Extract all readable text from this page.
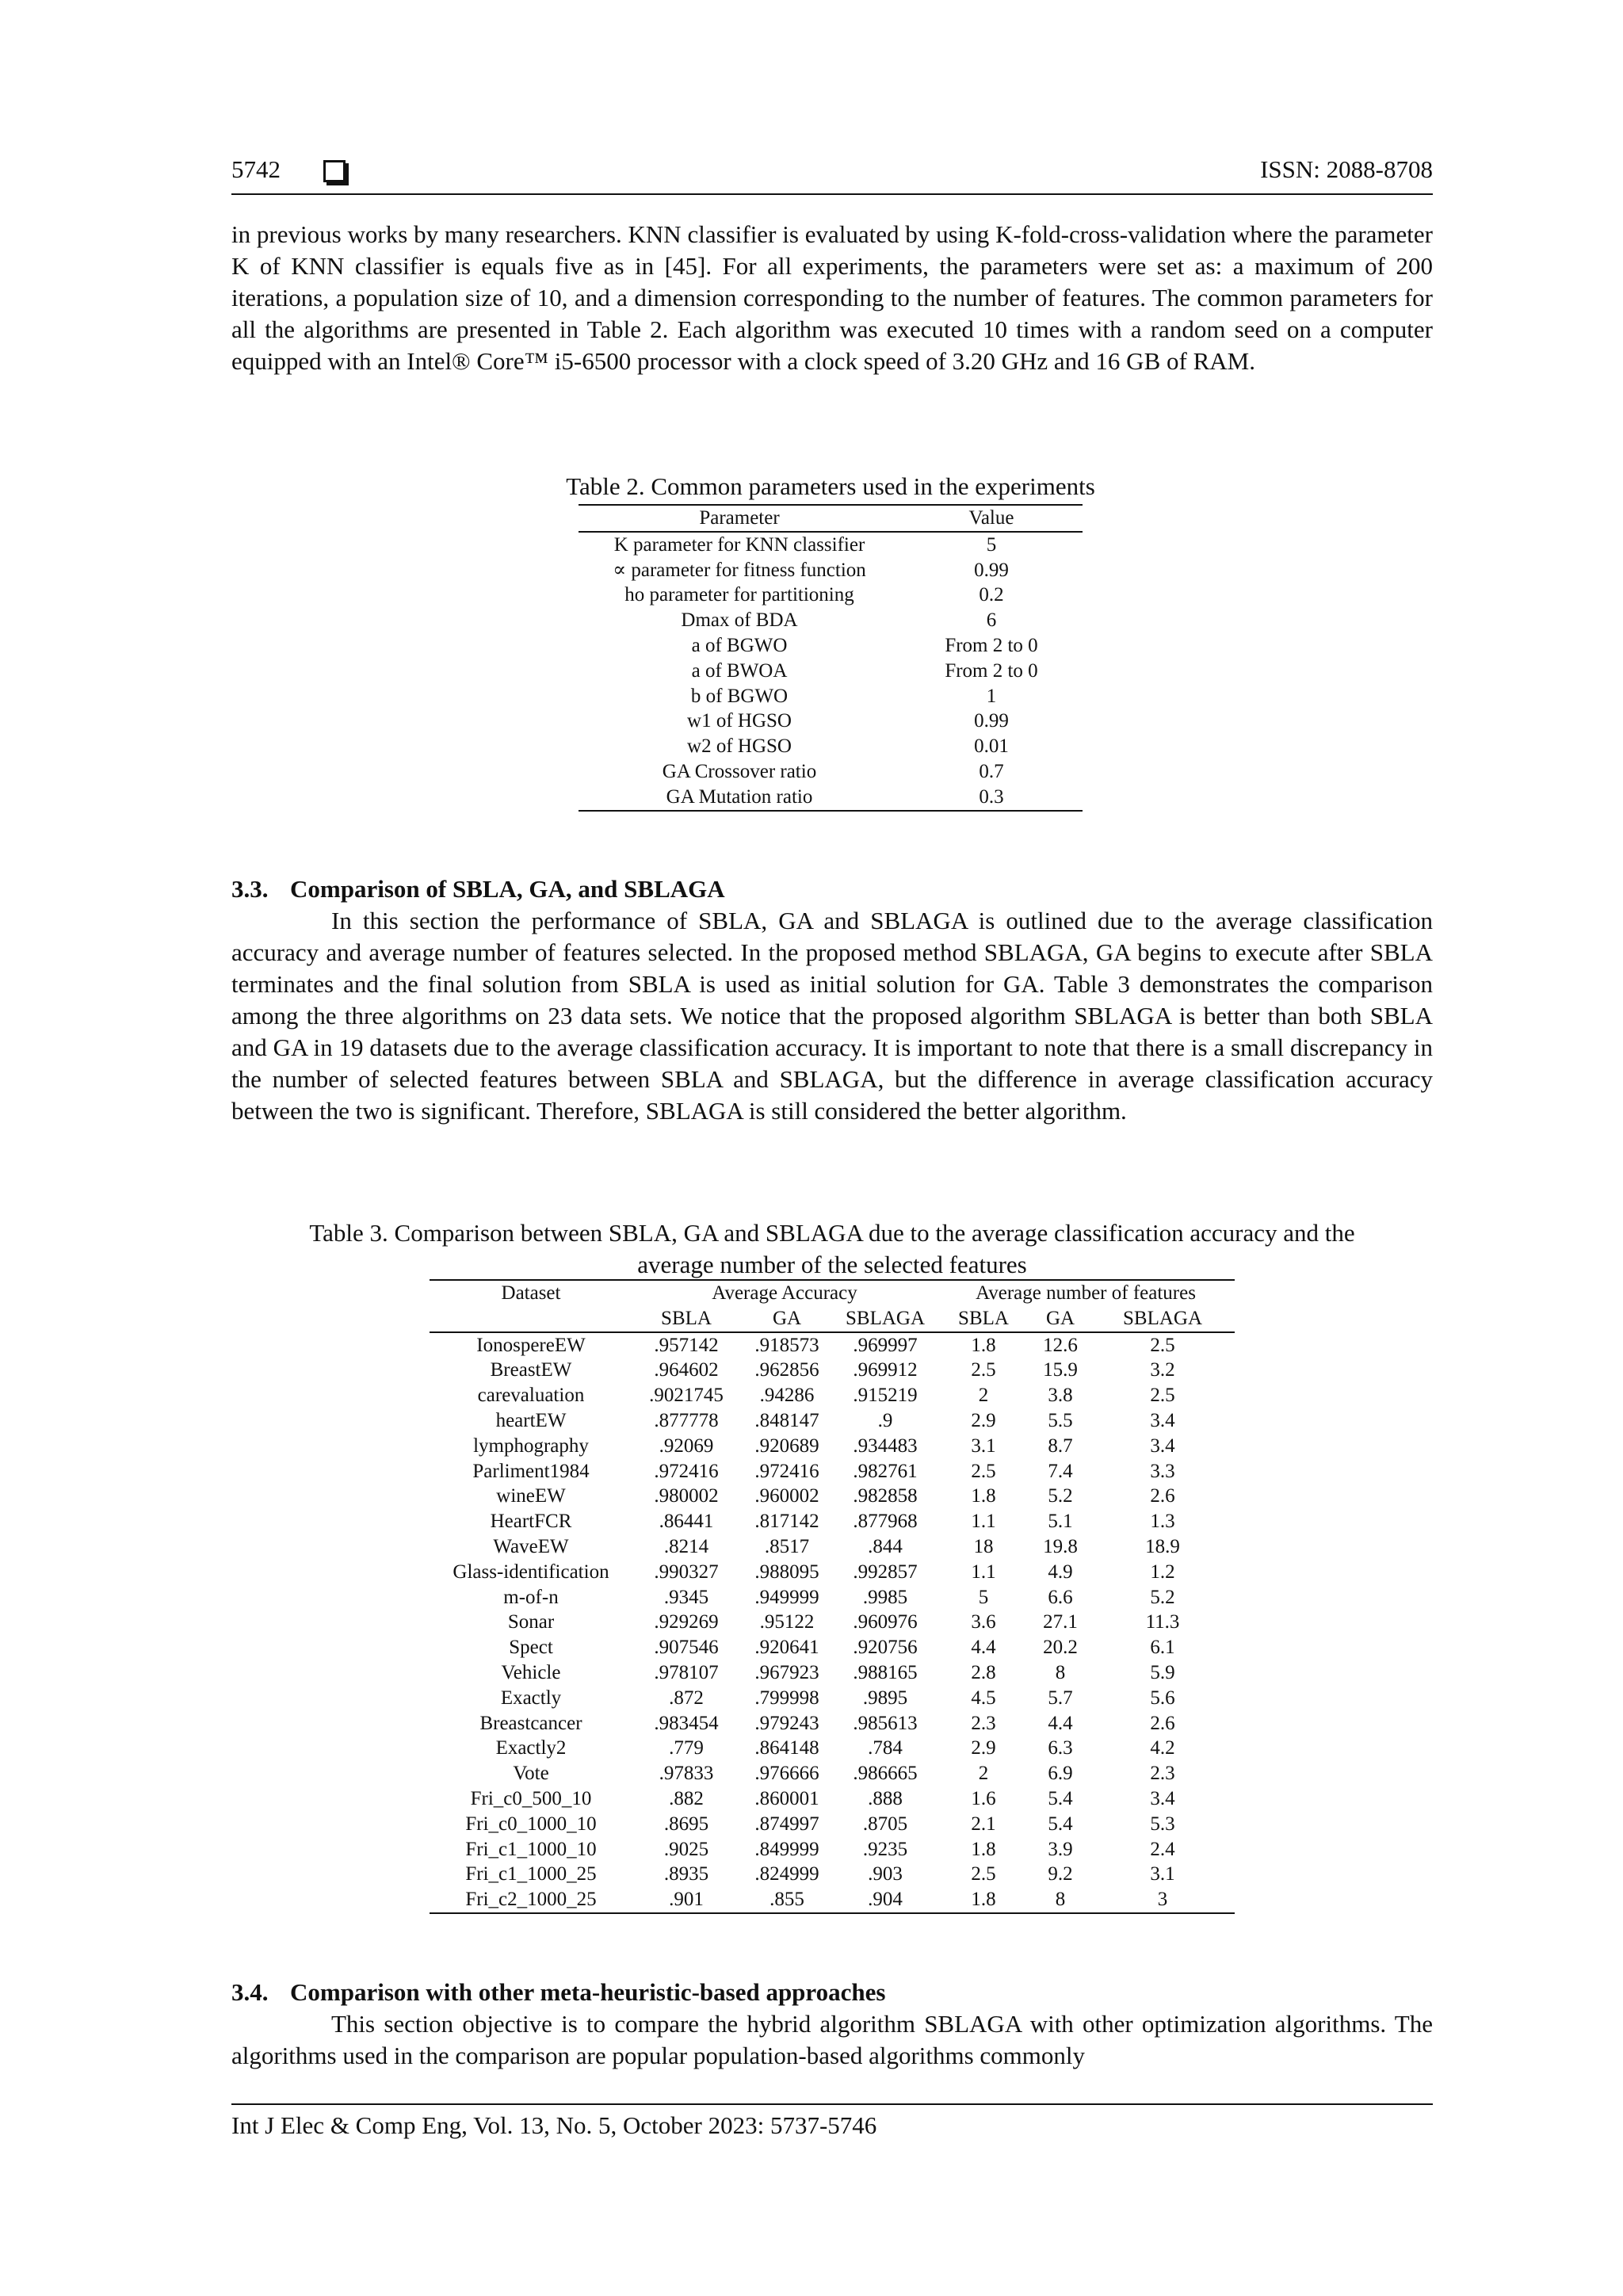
5742	ISSN: 2088-8708

in previous works by many researchers. KNN classifier is evaluated by using K-fold-cross-validation where the parameter K of KNN classifier is equals five as in [45]. For all experiments, the parameters were set as: a maximum of 200 iterations, a population size of 10, and a dimension corresponding to the number of features. The common parameters for all the algorithms are presented in Table 2. Each algorithm was executed 10 times with a random seed on a computer equipped with an Intel® Core™ i5-6500 processor with a clock speed of 3.20 GHz and 16 GB of RAM.

Table 2. Common parameters used in the experiments

Parameter	Value
K parameter for KNN classifier	5
∝ parameter for fitness function	0.99
ho parameter for partitioning	0.2
Dmax of BDA	6
a of BGWO	From 2 to 0
a of BWOA	From 2 to 0
b of BGWO	1
w1 of HGSO	0.99
w2 of HGSO	0.01
GA Crossover ratio	0.7
GA Mutation ratio	0.3

3.3. Comparison of SBLA, GA, and SBLAGA

In this section the performance of SBLA, GA and SBLAGA is outlined due to the average classification accuracy and average number of features selected. In the proposed method SBLAGA, GA begins to execute after SBLA terminates and the final solution from SBLA is used as initial solution for GA. Table 3 demonstrates the comparison among the three algorithms on 23 data sets. We notice that the proposed algorithm SBLAGA is better than both SBLA and GA in 19 datasets due to the average classification accuracy. It is important to note that there is a small discrepancy in the number of selected features between SBLA and SBLAGA, but the difference in average classification accuracy between the two is significant. Therefore, SBLAGA is still considered the better algorithm.

Table 3. Comparison between SBLA, GA and SBLAGA due to the average classification accuracy and the
average number of the selected features

Dataset	Average Accuracy			Average number of features		
	SBLA	GA	SBLAGA	SBLA	GA	SBLAGA
IonospereEW	.957142	.918573	.969997	1.8	12.6	2.5
BreastEW	.964602	.962856	.969912	2.5	15.9	3.2
carevaluation	.9021745	.94286	.915219	2	3.8	2.5
heartEW	.877778	.848147	.9	2.9	5.5	3.4
lymphography	.92069	.920689	.934483	3.1	8.7	3.4
Parliment1984	.972416	.972416	.982761	2.5	7.4	3.3
wineEW	.980002	.960002	.982858	1.8	5.2	2.6
HeartFCR	.86441	.817142	.877968	1.1	5.1	1.3
WaveEW	.8214	.8517	.844	18	19.8	18.9
Glass-identification	.990327	.988095	.992857	1.1	4.9	1.2
m-of-n	.9345	.949999	.9985	5	6.6	5.2
Sonar	.929269	.95122	.960976	3.6	27.1	11.3
Spect	.907546	.920641	.920756	4.4	20.2	6.1
Vehicle	.978107	.967923	.988165	2.8	8	5.9
Exactly	.872	.799998	.9895	4.5	5.7	5.6
Breastcancer	.983454	.979243	.985613	2.3	4.4	2.6
Exactly2	.779	.864148	.784	2.9	6.3	4.2
Vote	.97833	.976666	.986665	2	6.9	2.3
Fri_c0_500_10	.882	.860001	.888	1.6	5.4	3.4
Fri_c0_1000_10	.8695	.874997	.8705	2.1	5.4	5.3
Fri_c1_1000_10	.9025	.849999	.9235	1.8	3.9	2.4
Fri_c1_1000_25	.8935	.824999	.903	2.5	9.2	3.1
Fri_c2_1000_25	.901	.855	.904	1.8	8	3

3.4. Comparison with other meta-heuristic-based approaches

This section objective is to compare the hybrid algorithm SBLAGA with other optimization algorithms. The algorithms used in the comparison are popular population-based algorithms commonly

Int J Elec & Comp Eng, Vol. 13, No. 5, October 2023: 5737-5746
